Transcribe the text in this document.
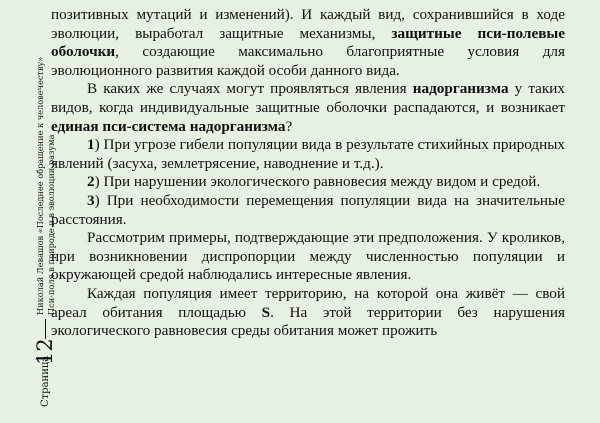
Страница
12
Николай Левашов «Последнее обращение к человечеству» Пси-поля в природе и в эволюции разума

позитивных мутаций и изменений). И каждый вид, сохранившийся в ходе эволюции, выработал защитные механизмы, защитные пси-полевые оболочки, создающие максимально благоприятные условия для эволюционного развития каждой особи данного вида.

В каких же случаях могут проявляться явления надорганизма у таких видов, когда индивидуальные защитные оболочки распадаются, и возникает единая пси-система надорганизма?

1) При угрозе гибели популяции вида в результате стихийных природных явлений (засуха, землетрясение, наводнение и т.д.).

2) При нарушении экологического равновесия между видом и средой.

3) При необходимости перемещения популяции вида на значительные расстояния.

Рассмотрим примеры, подтверждающие эти предположения. У кроликов, при возникновении диспропорции между численностью популяции и окружающей средой наблюдались интересные явления.

Каждая популяция имеет территорию, на которой она живёт — свой ареал обитания площадью S. На этой территории без нарушения экологического равновесия среды обитания может прожить
